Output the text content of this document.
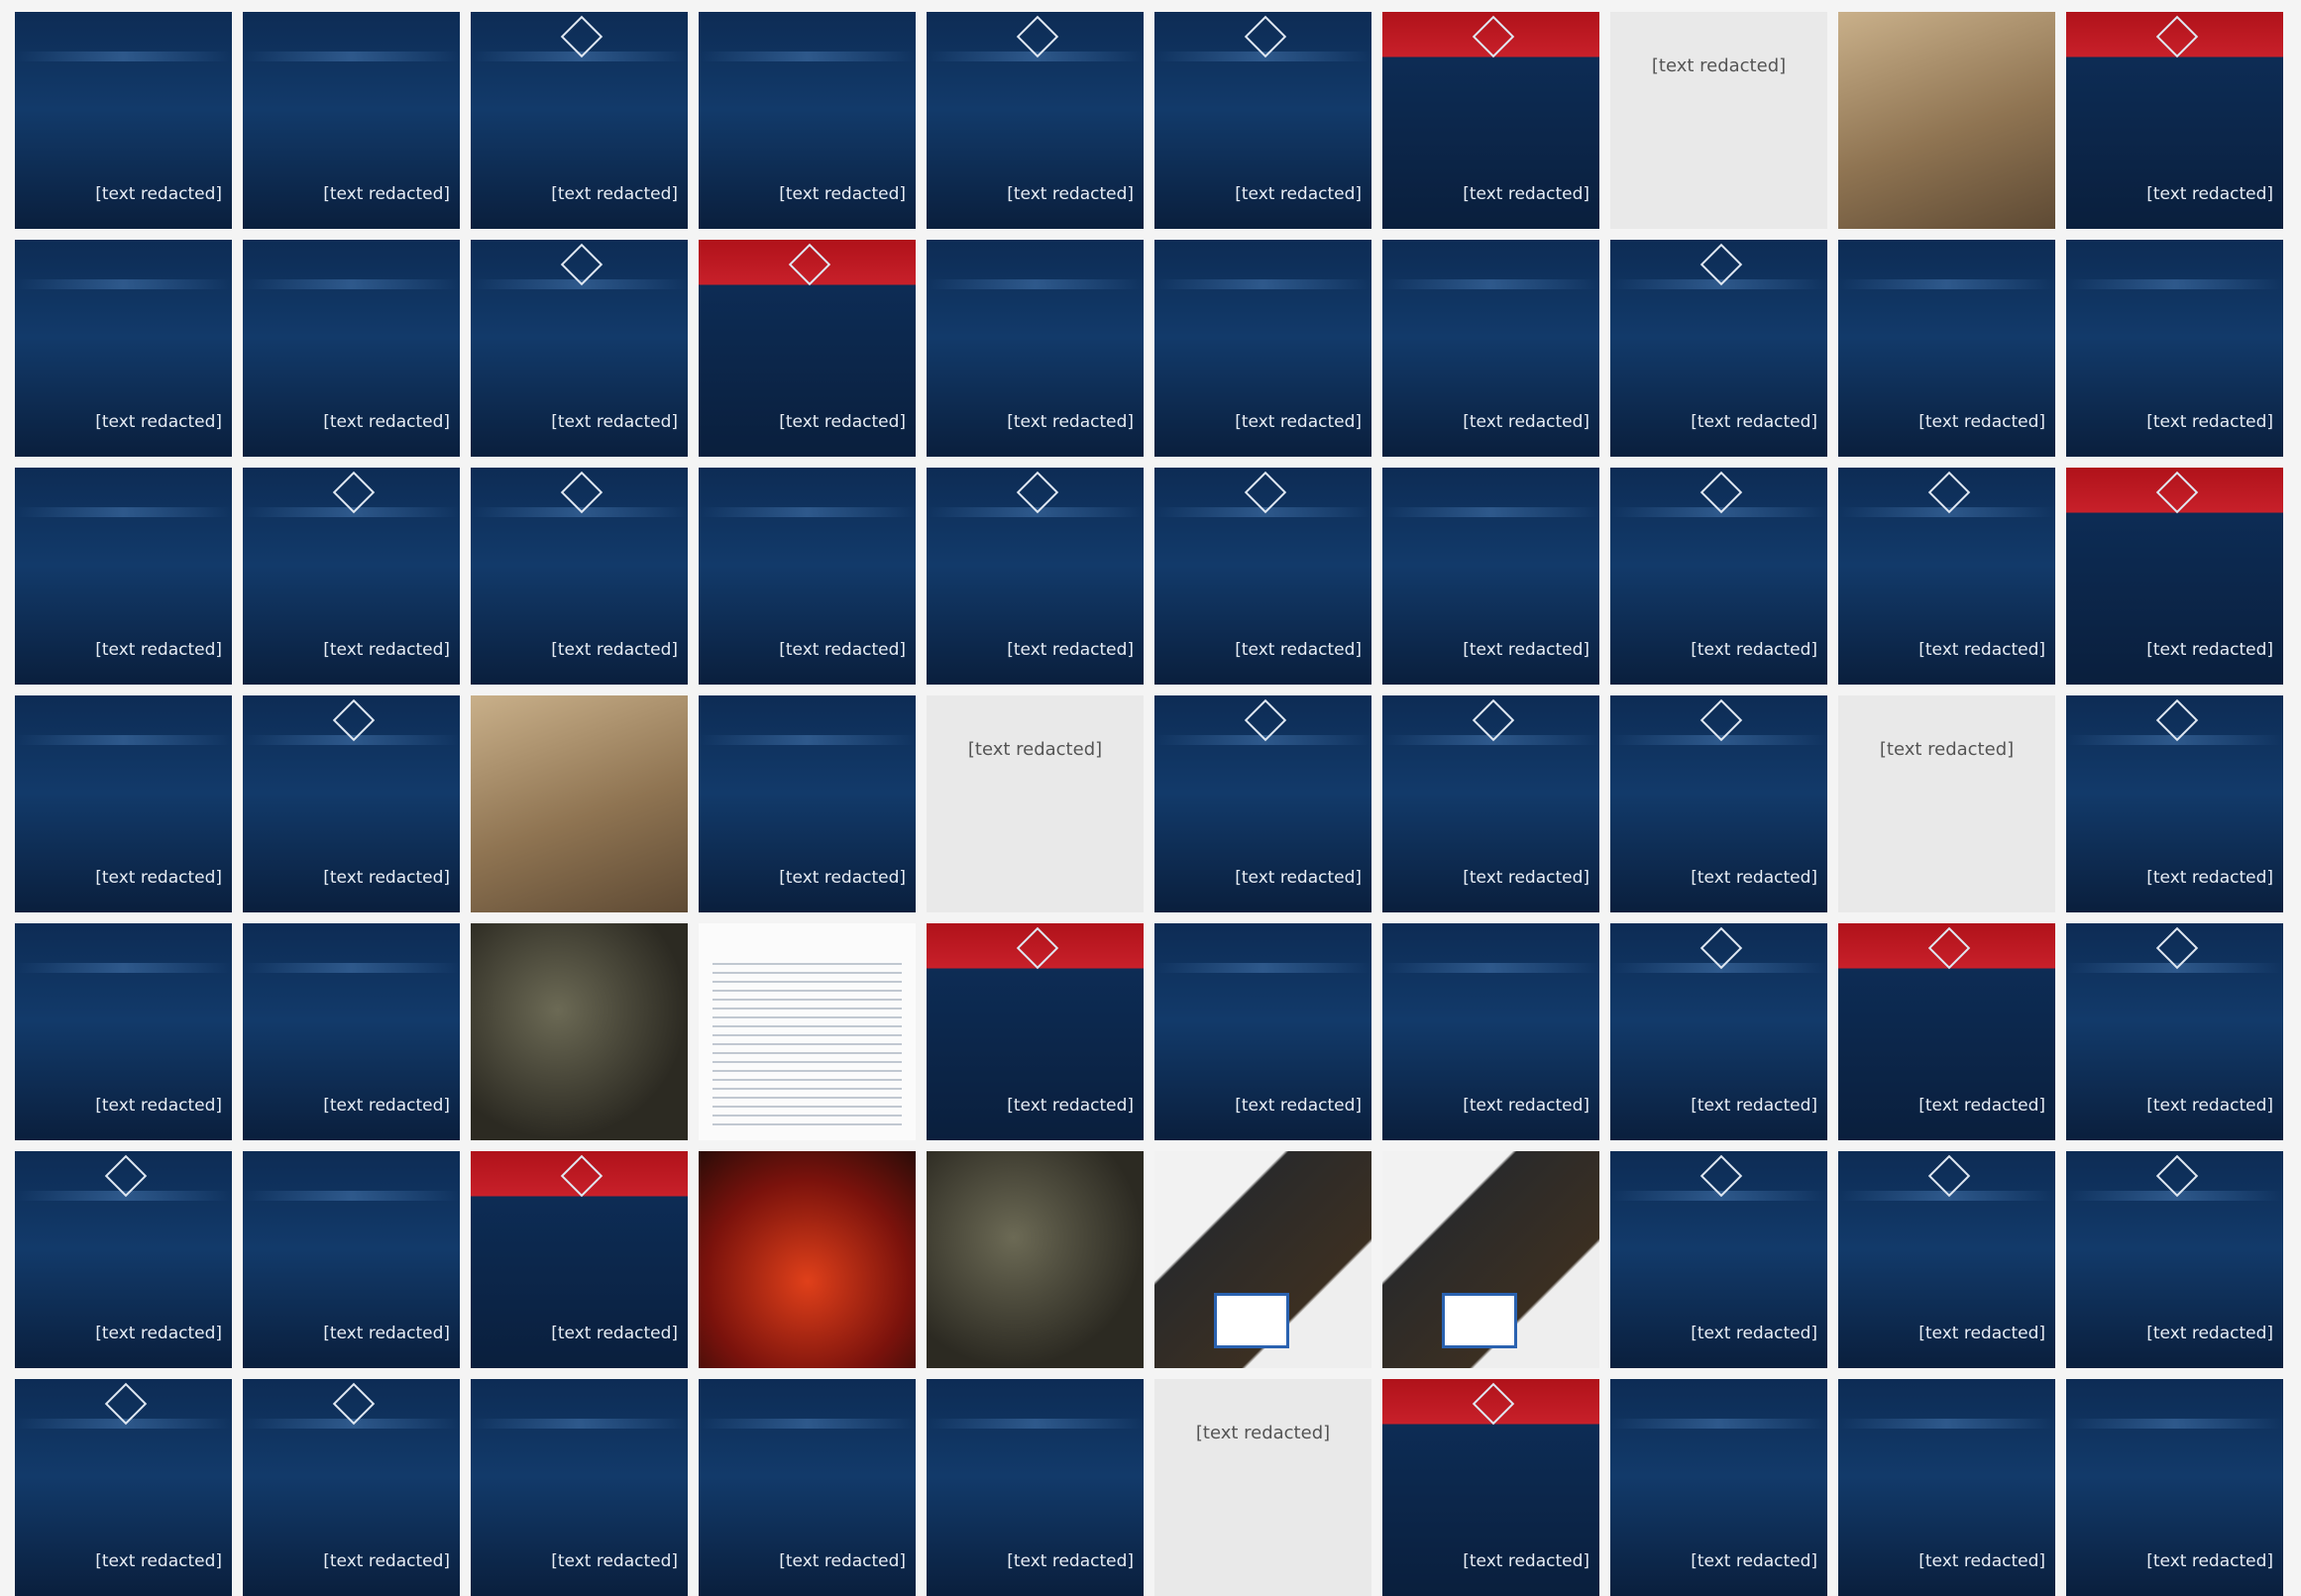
[text redacted]	[text redacted]	[text redacted]	[text redacted]	[text redacted]	[text redacted]	[text redacted]
[text redacted]
[text redacted]
[text redacted]	[text redacted]	[text redacted]	[text redacted]	[text redacted]	[text redacted]	[text redacted]	[text redacted]	[text redacted]	[text redacted]
[text redacted]	[text redacted]	[text redacted]	[text redacted]	[text redacted]	[text redacted]	[text redacted]	[text redacted]	[text redacted]	[text redacted]
[text redacted]	[text redacted]	[text redacted]
[text redacted]
[text redacted]	[text redacted]	[text redacted]
[text redacted]
[text redacted]
[text redacted]	[text redacted]	[text redacted]	[text redacted]	[text redacted]	[text redacted]	[text redacted]	[text redacted]
[text redacted]	[text redacted]	[text redacted]	[text redacted]	[text redacted]	[text redacted]
[text redacted]	[text redacted]	[text redacted]	[text redacted]	[text redacted]
[text redacted]
[text redacted]	[text redacted]	[text redacted]	[text redacted]
